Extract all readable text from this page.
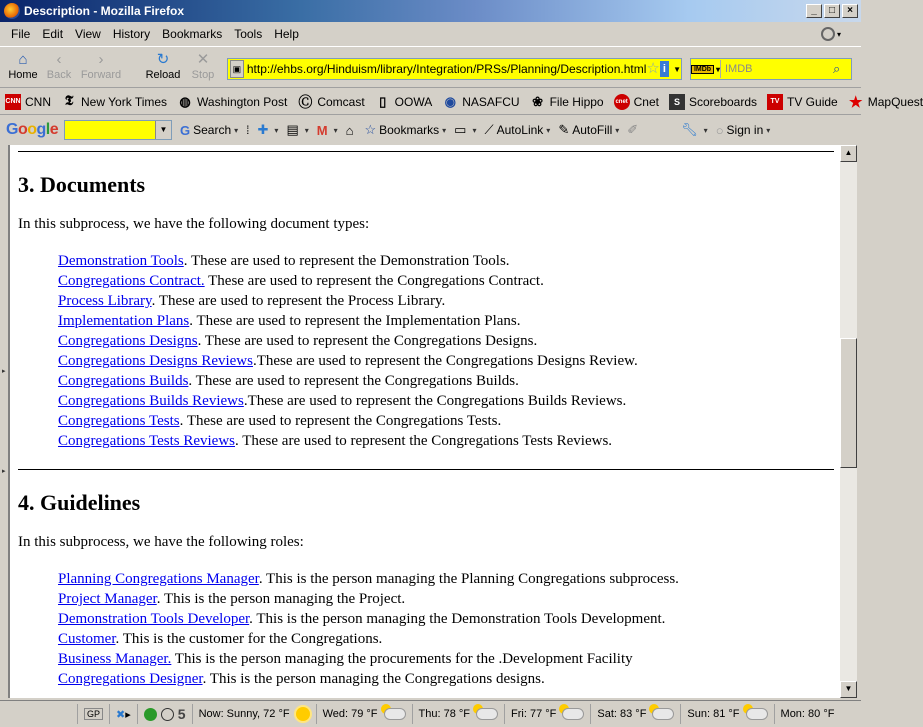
Description - Mozilla Firefox	_	□	×
File	Edit	View	History	Bookmarks	Tools	Help	▾
⌂
Home
‹
Back
›
Forward
↻
Reload
✕
Stop	▣ http://ehbs.org/Hinduism/library/Integration/PRSs/Planning/Description.html ☆ i ▼	IMDb ▾ IMDB	⌕
CNN CNN 𝕿 New York Times ◍ Washington Post Ⓒ Comcast	▯ OOWA ◉ NASAFCU ❀ File Hippo	cnet Cnet	S Scoreboards	TV TV Guide ★ MapQuest
Google	▼ G Search ▾ ⁞ ✚ ▾ ▤ ▾ M ▾ ⌂ ☆ Bookmarks ▾ ▭ ▾ ⟋ AutoLink ▾ ✎ AutoFill ▾ ✐	🔧︎ ▾ ○ Sign in ▾
▸
▸
3. Documents

In this subprocess, we have the following document types:

Demonstration Tools. These are used to represent the Demonstration Tools.
Congregations Contract. These are used to represent the Congregations Contract.
Process Library. These are used to represent the Process Library.
Implementation Plans. These are used to represent the Implementation Plans.
Congregations Designs. These are used to represent the Congregations Designs.
Congregations Designs Reviews.These are used to represent the Congregations Designs Review.
Congregations Builds. These are used to represent the Congregations Builds.
Congregations Builds Reviews.These are used to represent the Congregations Builds Reviews.
Congregations Tests. These are used to represent the Congregations Tests.
Congregations Tests Reviews. These are used to represent the Congregations Tests Reviews.
4. Guidelines

In this subprocess, we have the following roles:

Planning Congregations Manager. This is the person managing the Planning Congregations subprocess.
Project Manager. This is the person managing the Project.
Demonstration Tools Developer. This is the person managing the Demonstration Tools Development.
Customer. This is the customer for the Congregations.
Business Manager. This is the person managing the procurements for the .Development Facility
Congregations Designer. This is the person managing the Congregations designs.
▲
▼
GP ✖︎ ▸	5 Now: Sunny, 72 °F	Wed: 79 °F	Thu: 78 °F	Fri: 77 °F	Sat: 83 °F	Sun: 81 °F	Mon: 80 °F
